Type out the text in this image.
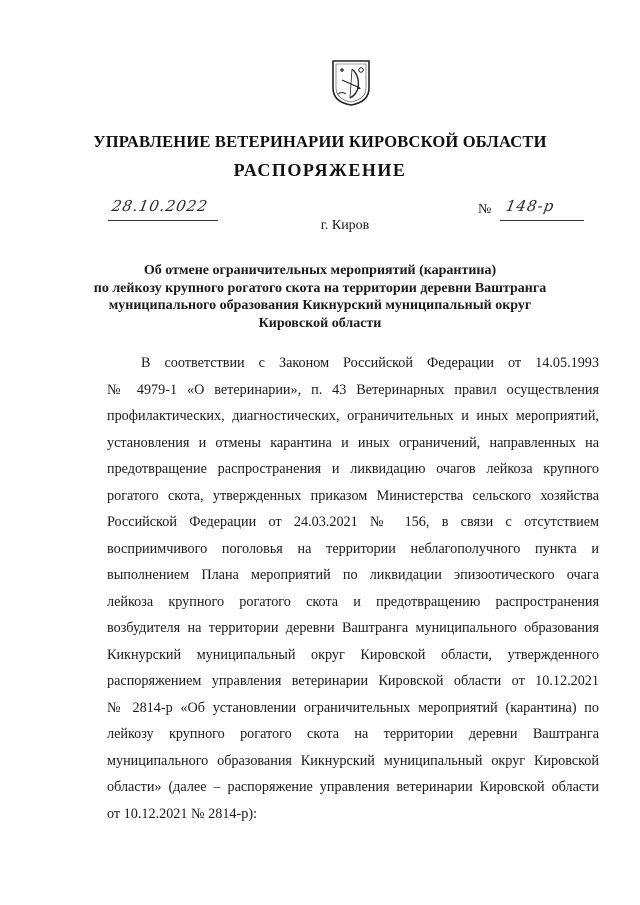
УПРАВЛЕНИЕ ВЕТЕРИНАРИИ КИРОВСКОЙ ОБЛАСТИ
РАСПОРЯЖЕНИЕ
28.10.2022	№ 148-р
г. Киров
Об отмене ограничительных мероприятий (карантина)
по лейкозу крупного рогатого скота на территории деревни Ваштранга
муниципального образования Кикнурский муниципальный округ
Кировской области
В соответствии с Законом Российской Федерации от 14.05.1993
№ 4979-1 «О ветеринарии», п. 43 Ветеринарных правил осуществления
профилактических, диагностических, ограничительных и иных мероприятий,
установления и отмены карантина и иных ограничений, направленных на
предотвращение распространения и ликвидацию очагов лейкоза крупного
рогатого скота, утвержденных приказом Министерства сельского хозяйства
Российской Федерации от 24.03.2021 № 156, в связи с отсутствием
восприимчивого поголовья на территории неблагополучного пункта и
выполнением Плана мероприятий по ликвидации эпизоотического очага
лейкоза крупного рогатого скота и предотвращению распространения
возбудителя на территории деревни Ваштранга муниципального образования
Кикнурский муниципальный округ Кировской области, утвержденного
распоряжением управления ветеринарии Кировской области от 10.12.2021
№ 2814-р «Об установлении ограничительных мероприятий (карантина) по
лейкозу крупного рогатого скота на территории деревни Ваштранга
муниципального образования Кикнурский муниципальный округ Кировской
области» (далее – распоряжение управления ветеринарии Кировской области
от 10.12.2021 № 2814-р):
